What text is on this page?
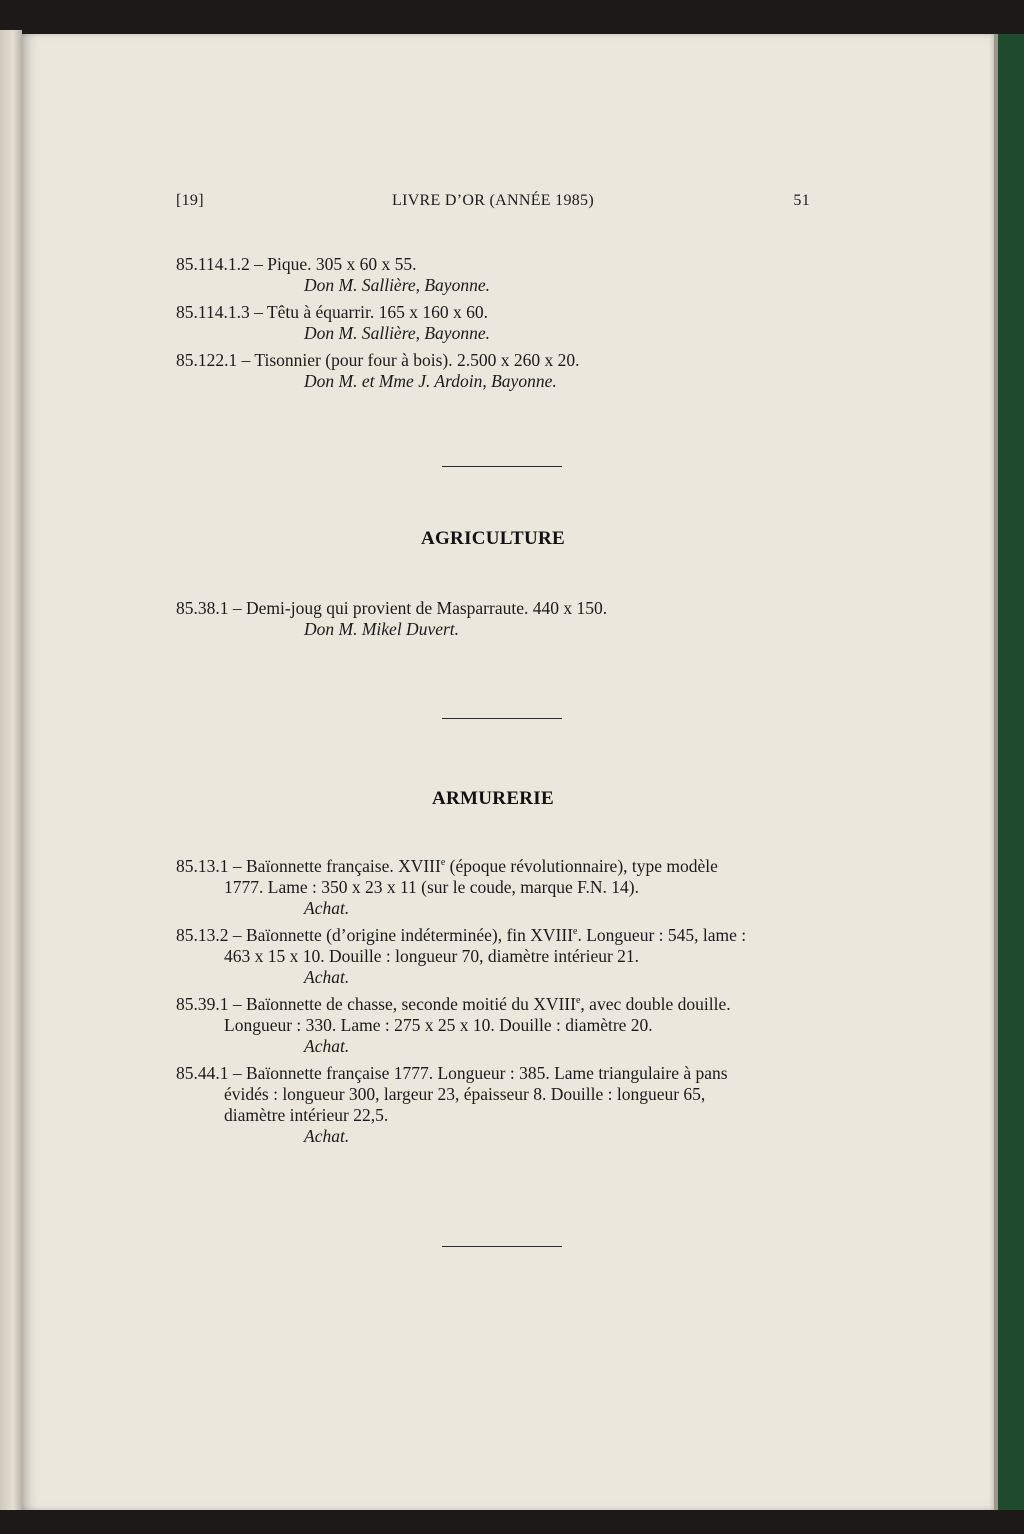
[19]	LIVRE D’OR (ANNÉE 1985)	51

85.114.1.2 – Pique. 305 x 60 x 55.
Don M. Sallière, Bayonne.

85.114.1.3 – Têtu à équarrir. 165 x 160 x 60.
Don M. Sallière, Bayonne.

85.122.1 – Tisonnier (pour four à bois). 2.500 x 260 x 20.
Don M. et Mme J. Ardoin, Bayonne.

AGRICULTURE

85.38.1 – Demi-joug qui provient de Masparraute. 440 x 150.
Don M. Mikel Duvert.

ARMURERIE

85.13.1 – Baïonnette française. XVIIIe (époque révolutionnaire), type modèle
1777. Lame : 350 x 23 x 11 (sur le coude, marque F.N. 14).
Achat.

85.13.2 – Baïonnette (d’origine indéterminée), fin XVIIIe. Longueur : 545, lame :
463 x 15 x 10. Douille : longueur 70, diamètre intérieur 21.
Achat.

85.39.1 – Baïonnette de chasse, seconde moitié du XVIIIe, avec double douille.
Longueur : 330. Lame : 275 x 25 x 10. Douille : diamètre 20.
Achat.

85.44.1 – Baïonnette française 1777. Longueur : 385. Lame triangulaire à pans
évidés : longueur 300, largeur 23, épaisseur 8. Douille : longueur 65,
diamètre intérieur 22,5.
Achat.
